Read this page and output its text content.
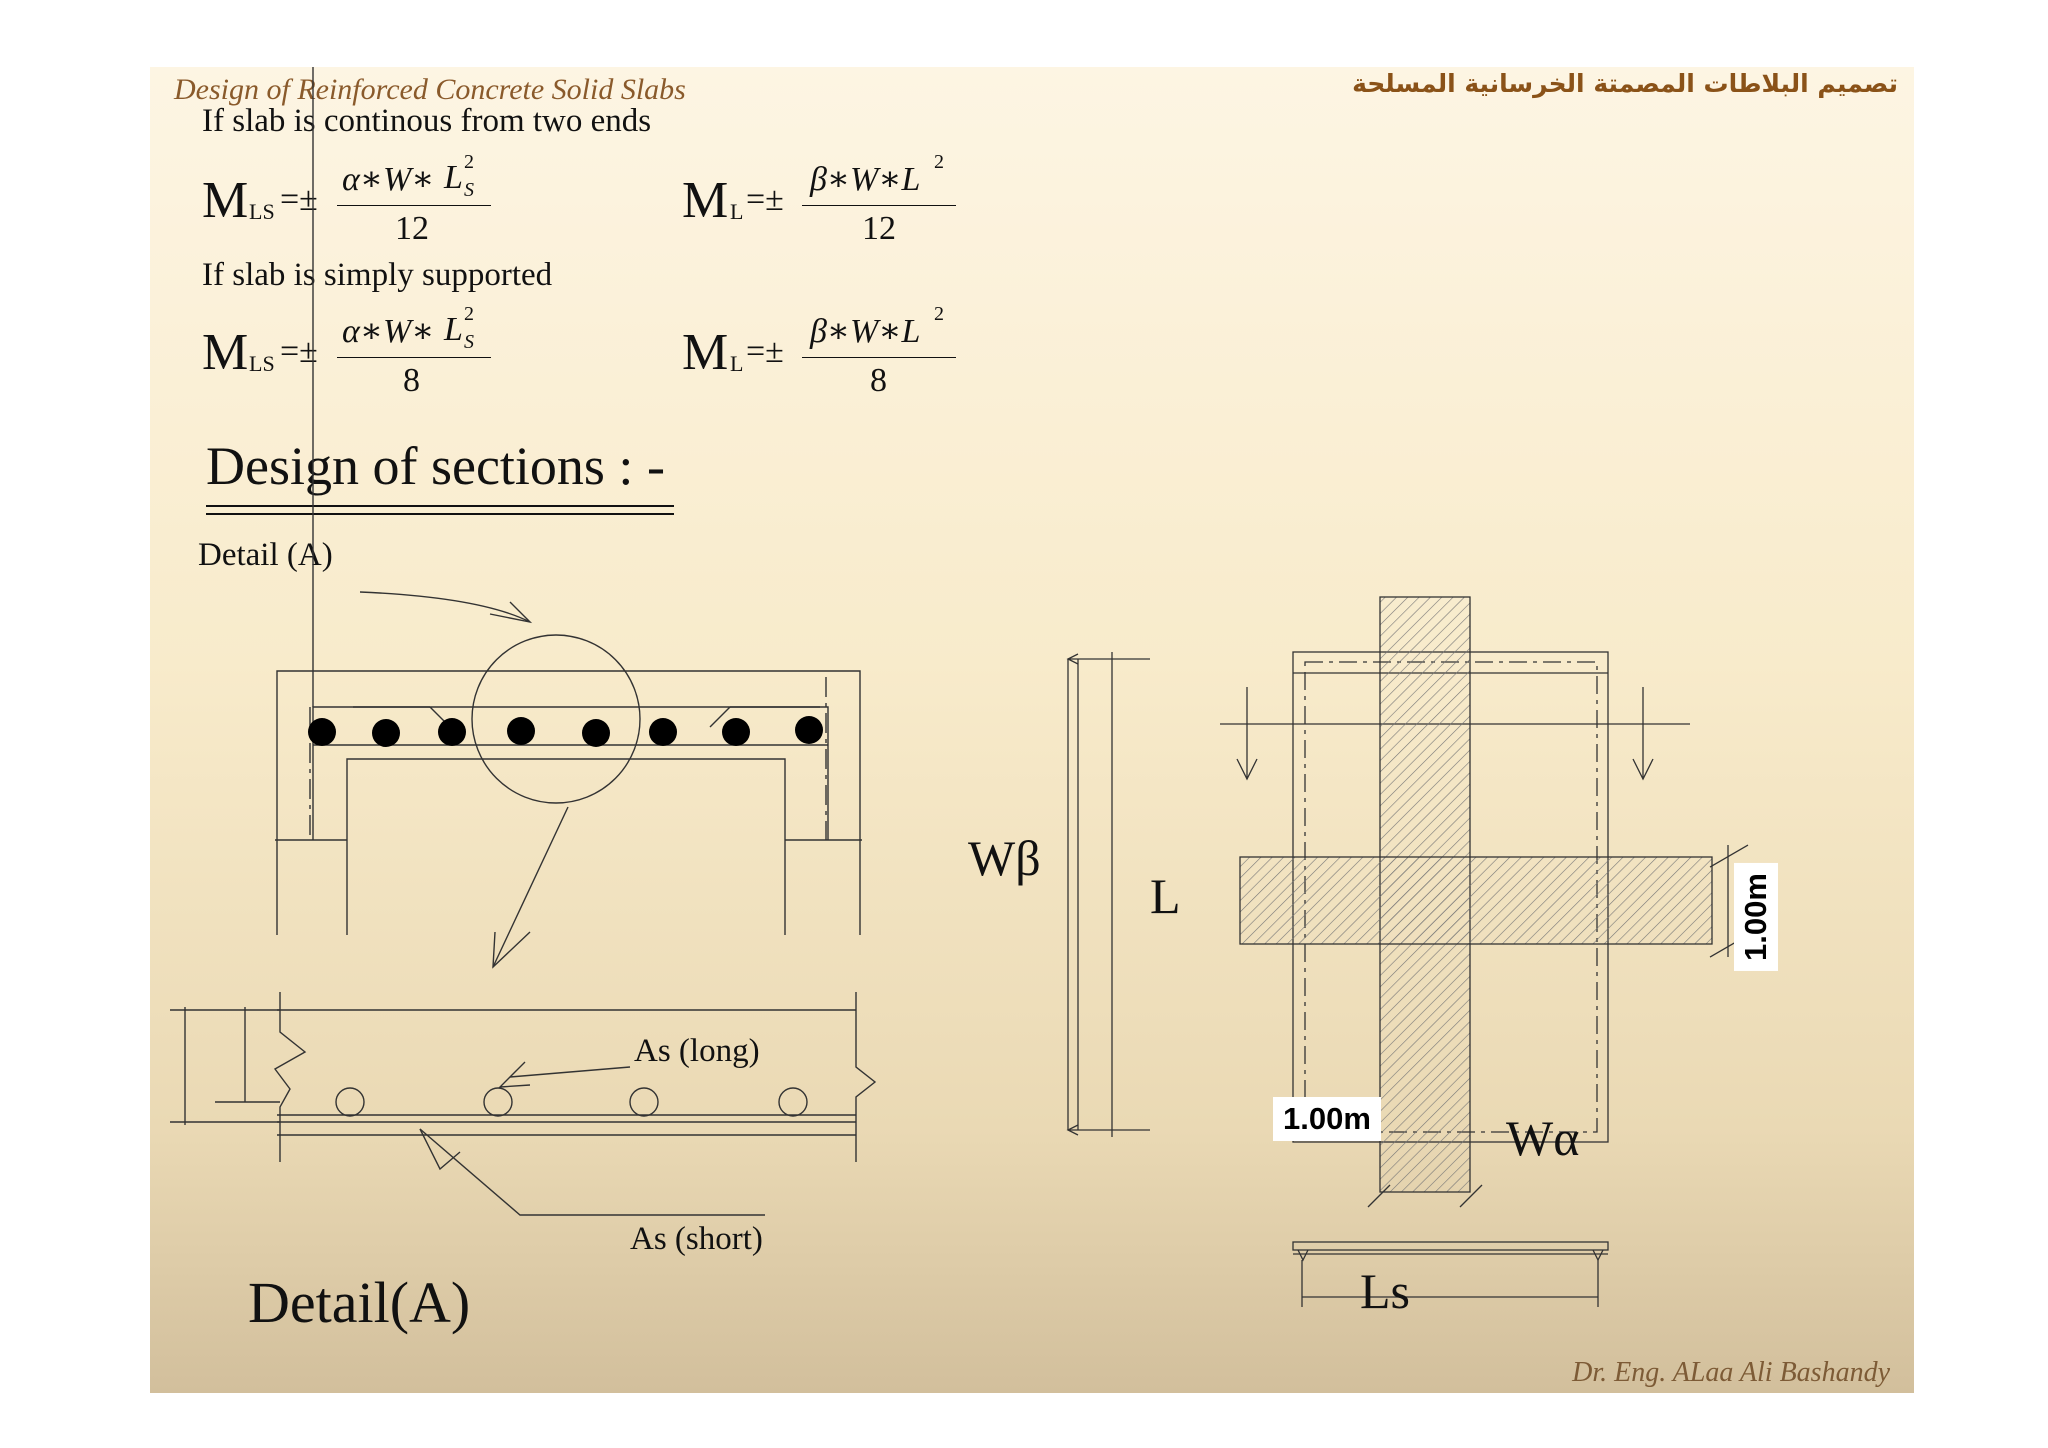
Design of Reinforced Concrete Solid Slabs	تصميم البلاطات المصمتة الخرسانية المسلحة
If slab is continous from two ends
If slab is simply supported
M LS =±
α∗W∗ L 2
S
12	M L =±
β∗W∗L 2
12
M LS =±
α∗W∗ L 2
S
8	M L =±
β∗W∗L 2
8
Design of sections : -
Detail (A)
As (long)
As (short)
Detail(A)
Wβ
L
Wα
Ls
1.00m
1.00m
Dr. Eng. ALaa Ali Bashandy
